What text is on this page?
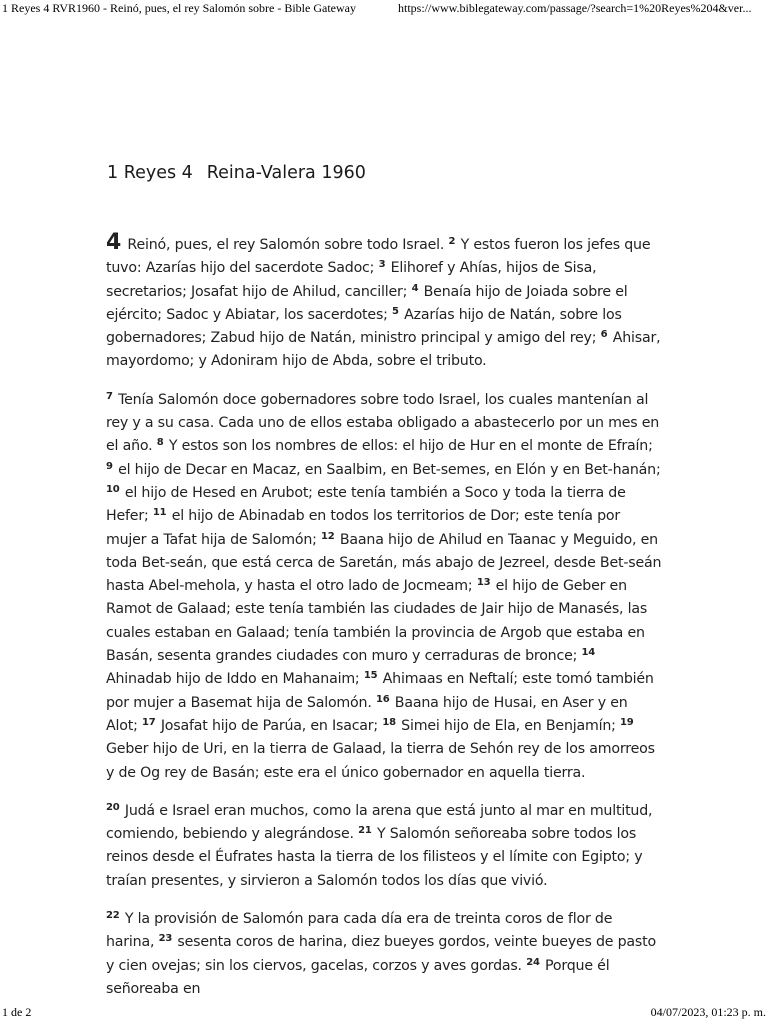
1 Reyes 4 RVR1960 - Reinó, pues, el rey Salomón sobre - Bible Gateway	https://www.biblegateway.com/passage/?search=1%20Reyes%204&ver...
1 Reyes 4 Reina-Valera 1960

4 Reinó, pues, el rey Salomón sobre todo Israel. $^2$ Y estos fueron los jefes que tuvo: Azarías hijo del sacerdote Sadoc; $^3$ Elihoref y Ahías, hijos de Sisa, secretarios; Josafat hijo de Ahilud, canciller; $^4$ Benaía hijo de Joiada sobre el ejército; Sadoc y Abiatar, los sacerdotes; $^5$ Azarías hijo de Natán, sobre los gobernadores; Zabud hijo de Natán, ministro principal y amigo del rey; $^6$ Ahisar, mayordomo; y Adoniram hijo de Abda, sobre el tributo.

$^7$ Tenía Salomón doce gobernadores sobre todo Israel, los cuales mantenían al rey y a su casa. Cada uno de ellos estaba obligado a abastecerlo por un mes en el año. $^8$ Y estos son los nombres de ellos: el hijo de Hur en el monte de Efraín; $^9$ el hijo de Decar en Macaz, en Saalbim, en Bet-semes, en Elón y en Bet-hanán; $^{10}$ el hijo de Hesed en Arubot; este tenía también a Soco y toda la tierra de Hefer; $^{11}$ el hijo de Abinadab en todos los territorios de Dor; este tenía por mujer a Tafat hija de Salomón; $^{12}$ Baana hijo de Ahilud en Taanac y Meguido, en toda Bet-seán, que está cerca de Saretán, más abajo de Jezreel, desde Bet-seán hasta Abel-mehola, y hasta el otro lado de Jocmeam; $^{13}$ el hijo de Geber en Ramot de Galaad; este tenía también las ciudades de Jair hijo de Manasés, las cuales estaban en Galaad; tenía también la provincia de Argob que estaba en Basán, sesenta grandes ciudades con muro y cerraduras de bronce; $^{14}$ Ahinadab hijo de Iddo en Mahanaim; $^{15}$ Ahimaas en Neftalí; este tomó también por mujer a Basemat hija de Salomón. $^{16}$ Baana hijo de Husai, en Aser y en Alot; $^{17}$ Josafat hijo de Parúa, en Isacar; $^{18}$ Simei hijo de Ela, en Benjamín; $^{19}$ Geber hijo de Uri, en la tierra de Galaad, la tierra de Sehón rey de los amorreos y de Og rey de Basán; este era el único gobernador en aquella tierra.

$^{20}$ Judá e Israel eran muchos, como la arena que está junto al mar en multitud, comiendo, bebiendo y alegrándose. $^{21}$ Y Salomón señoreaba sobre todos los reinos desde el Éufrates hasta la tierra de los filisteos y el límite con Egipto; y traían presentes, y sirvieron a Salomón todos los días que vivió.

$^{22}$ Y la provisión de Salomón para cada día era de treinta coros de flor de harina, $^{23}$ sesenta coros de harina, diez bueyes gordos, veinte bueyes de pasto y cien ovejas; sin los ciervos, gacelas, corzos y aves gordas. $^{24}$ Porque él señoreaba en

1 de 2	04/07/2023, 01:23 p. m.
